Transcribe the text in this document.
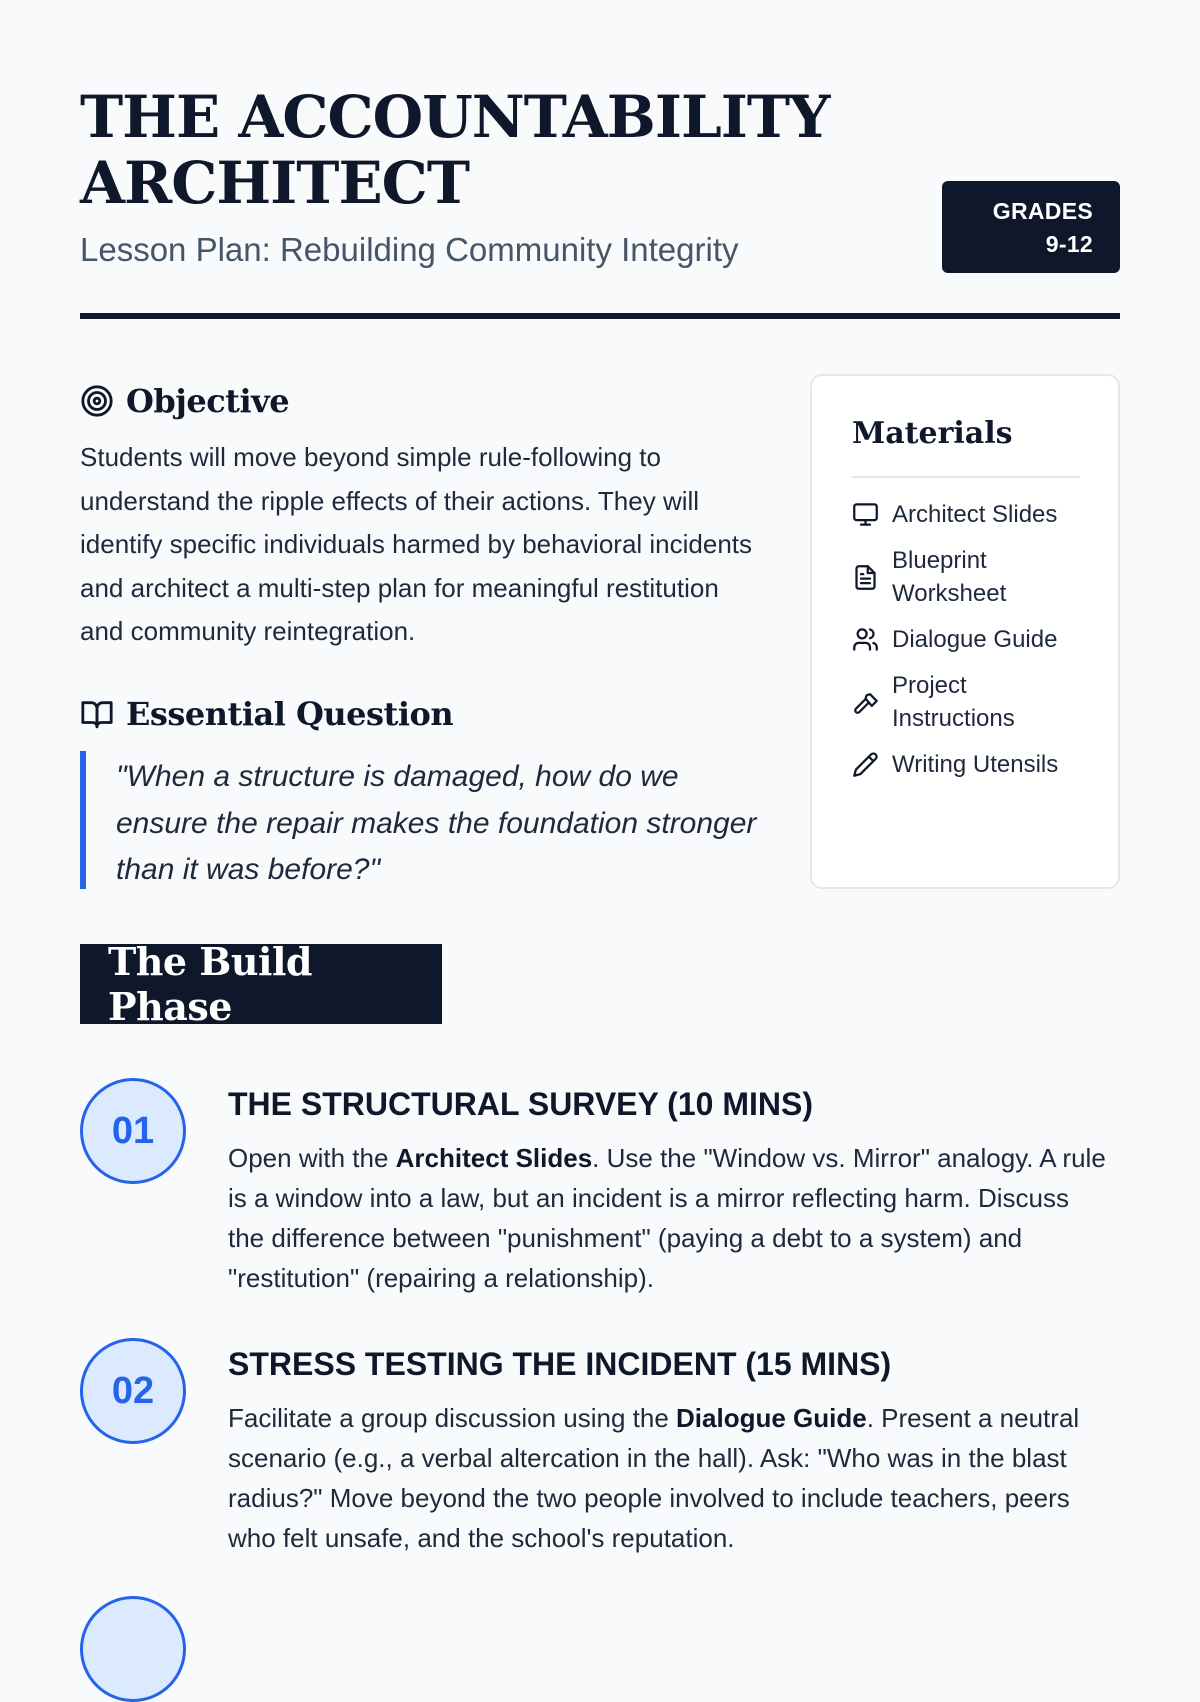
THE ACCOUNTABILITY ARCHITECT
Lesson Plan: Rebuilding Community Integrity
GRADES
9-12
Objective

Students will move beyond simple rule-following to understand the ripple effects of their actions. They will identify specific individuals harmed by behavioral incidents and architect a multi-step plan for meaningful restitution and community reintegration.

Essential Question
"When a structure is damaged, how do we ensure the repair makes the foundation stronger than it was before?"
Materials
Architect Slides
Blueprint Worksheet
Dialogue Guide
Project Instructions
Writing Utensils
The Build Phase
01
THE STRUCTURAL SURVEY (10 MINS)

Open with the Architect Slides. Use the "Window vs. Mirror" analogy. A rule is a window into a law, but an incident is a mirror reflecting harm. Discuss the difference between "punishment" (paying a debt to a system) and "restitution" (repairing a relationship).

02
STRESS TESTING THE INCIDENT (15 MINS)

Facilitate a group discussion using the Dialogue Guide. Present a neutral scenario (e.g., a verbal altercation in the hall). Ask: "Who was in the blast radius?" Move beyond the two people involved to include teachers, peers who felt unsafe, and the school's reputation.
